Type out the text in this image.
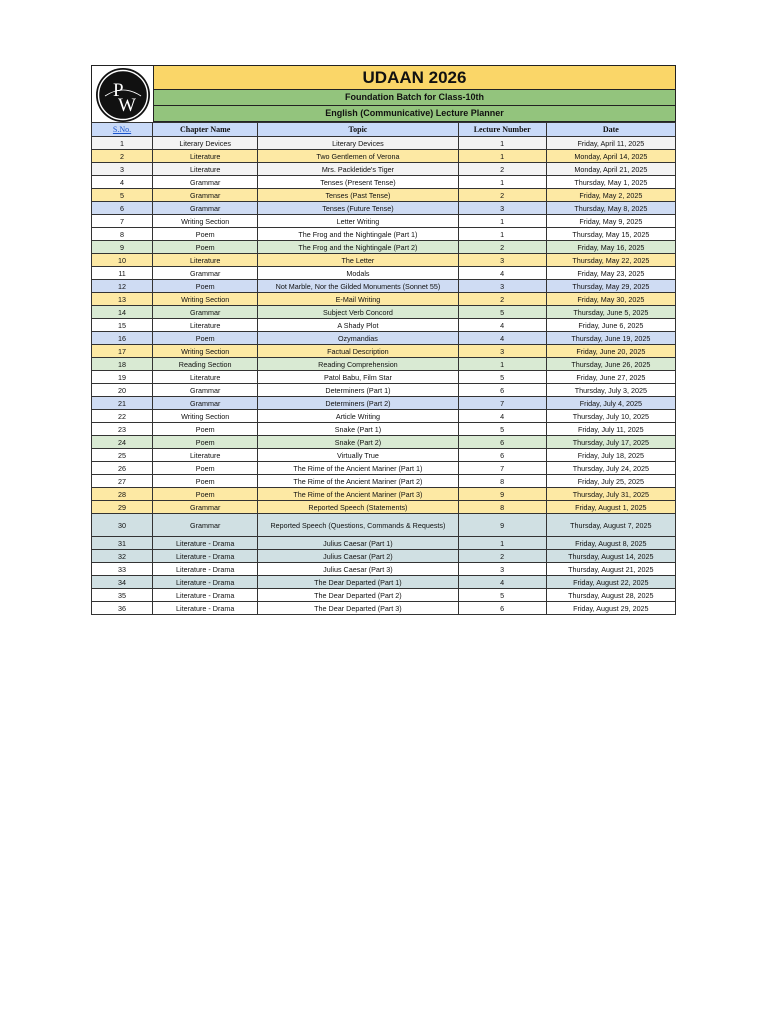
P
W
UDAAN 2026
Foundation Batch for Class-10th
English (Communicative) Lecture Planner
S.No.	Chapter Name	Topic	Lecture Number	Date
1	Literary Devices	Literary Devices	1	Friday, April 11, 2025
2	Literature	Two Gentlemen of Verona	1	Monday, April 14, 2025
3	Literature	Mrs. Packletide's Tiger	2	Monday, April 21, 2025
4	Grammar	Tenses (Present Tense)	1	Thursday, May 1, 2025
5	Grammar	Tenses (Past Tense)	2	Friday, May 2, 2025
6	Grammar	Tenses (Future Tense)	3	Thursday, May 8, 2025
7	Writing Section	Letter Writing	1	Friday, May 9, 2025
8	Poem	The Frog and the Nightingale (Part 1)	1	Thursday, May 15, 2025
9	Poem	The Frog and the Nightingale (Part 2)	2	Friday, May 16, 2025
10	Literature	The Letter	3	Thursday, May 22, 2025
11	Grammar	Modals	4	Friday, May 23, 2025
12	Poem	Not Marble, Nor the Gilded Monuments (Sonnet 55)	3	Thursday, May 29, 2025
13	Writing Section	E-Mail Writing	2	Friday, May 30, 2025
14	Grammar	Subject Verb Concord	5	Thursday, June 5, 2025
15	Literature	A Shady Plot	4	Friday, June 6, 2025
16	Poem	Ozymandias	4	Thursday, June 19, 2025
17	Writing Section	Factual Description	3	Friday, June 20, 2025
18	Reading Section	Reading Comprehension	1	Thursday, June 26, 2025
19	Literature	Patol Babu, Film Star	5	Friday, June 27, 2025
20	Grammar	Determiners (Part 1)	6	Thursday, July 3, 2025
21	Grammar	Determiners (Part 2)	7	Friday, July 4, 2025
22	Writing Section	Article Writing	4	Thursday, July 10, 2025
23	Poem	Snake (Part 1)	5	Friday, July 11, 2025
24	Poem	Snake (Part 2)	6	Thursday, July 17, 2025
25	Literature	Virtually True	6	Friday, July 18, 2025
26	Poem	The Rime of the Ancient Mariner (Part 1)	7	Thursday, July 24, 2025
27	Poem	The Rime of the Ancient Mariner (Part 2)	8	Friday, July 25, 2025
28	Poem	The Rime of the Ancient Mariner (Part 3)	9	Thursday, July 31, 2025
29	Grammar	Reported Speech (Statements)	8	Friday, August 1, 2025
30	Grammar	Reported Speech (Questions, Commands & Requests)	9	Thursday, August 7, 2025
31	Literature - Drama	Julius Caesar (Part 1)	1	Friday, August 8, 2025
32	Literature - Drama	Julius Caesar (Part 2)	2	Thursday, August 14, 2025
33	Literature - Drama	Julius Caesar (Part 3)	3	Thursday, August 21, 2025
34	Literature - Drama	The Dear Departed (Part 1)	4	Friday, August 22, 2025
35	Literature - Drama	The Dear Departed (Part 2)	5	Thursday, August 28, 2025
36	Literature - Drama	The Dear Departed (Part 3)	6	Friday, August 29, 2025
